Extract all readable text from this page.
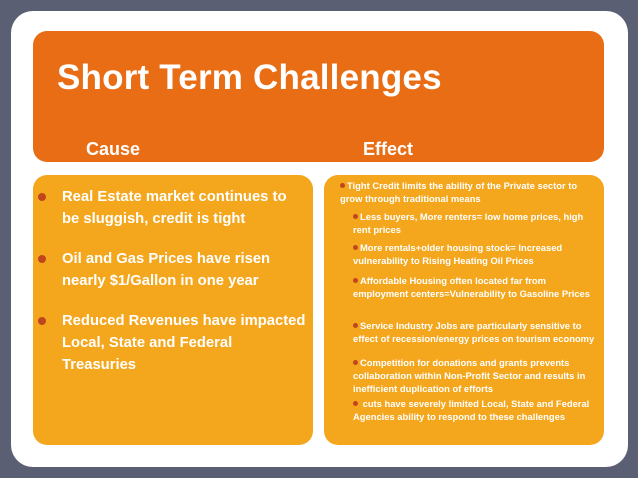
Short Term Challenges
Cause	Effect
Real Estate market continues to be sluggish, credit is tight
Oil and Gas Prices have risen nearly $1/Gallon in one year
Reduced Revenues have impacted Local, State and Federal Treasuries
Tight Credit limits the ability of the Private sector to grow through traditional means
Less buyers, More renters= low home prices, high rent prices
More rentals+older housing stock= Increased vulnerability to Rising Heating Oil Prices
Affordable Housing often located far from employment centers=Vulnerability to Gasoline Prices
Service Industry Jobs are particularly sensitive to effect of recession/energy prices on tourism economy
Competition for donations and grants prevents collaboration within Non-Profit Sector and results in inefficient duplication of efforts
cuts have severely limited Local, State and Federal Agencies ability to respond to these challenges
